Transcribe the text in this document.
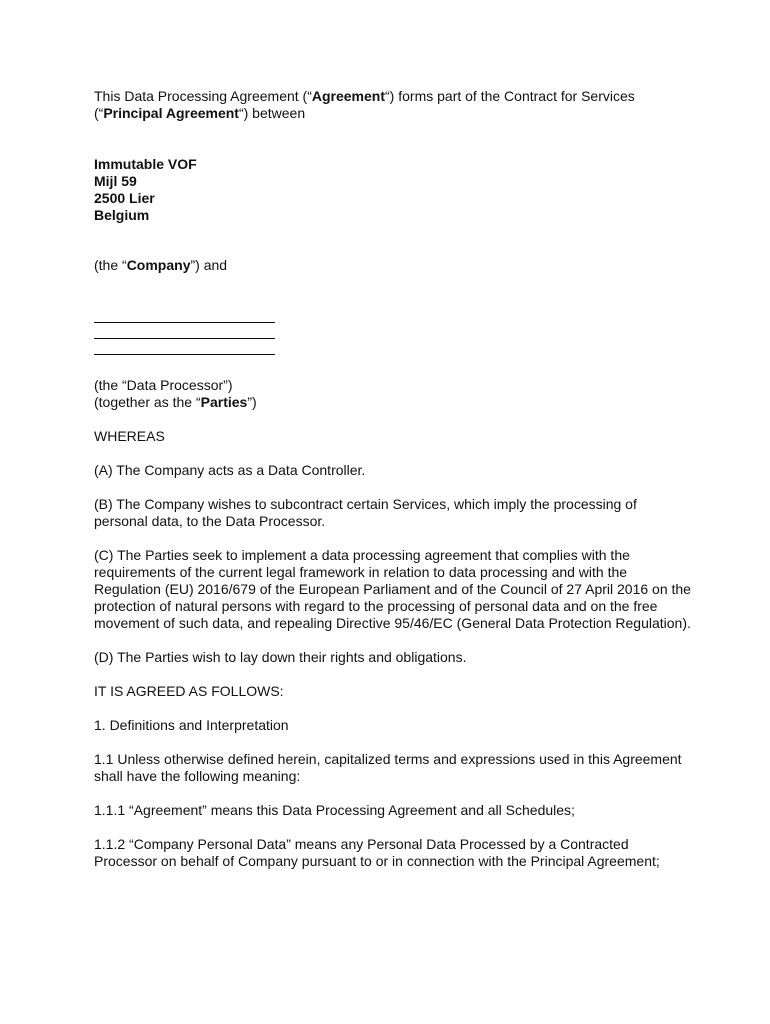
This Data Processing Agreement (“Agreement“) forms part of the Contract for Services (“Principal Agreement“) between

Immutable VOF
Mijl 59
2500 Lier
Belgium

(the “Company”) and

(the “Data Processor”)

(together as the “Parties”)

WHEREAS

(A) The Company acts as a Data Controller.

(B) The Company wishes to subcontract certain Services, which imply the processing of personal data, to the Data Processor.

(C) The Parties seek to implement a data processing agreement that complies with the requirements of the current legal framework in relation to data processing and with the Regulation (EU) 2016/679 of the European Parliament and of the Council of 27 April 2016 on the protection of natural persons with regard to the processing of personal data and on the free movement of such data, and repealing Directive 95/46/EC (General Data Protection Regulation).

(D) The Parties wish to lay down their rights and obligations.

IT IS AGREED AS FOLLOWS:

1. Definitions and Interpretation

1.1 Unless otherwise defined herein, capitalized terms and expressions used in this Agreement shall have the following meaning:

1.1.1 “Agreement” means this Data Processing Agreement and all Schedules;

1.1.2 “Company Personal Data” means any Personal Data Processed by a Contracted Processor on behalf of Company pursuant to or in connection with the Principal Agreement;
